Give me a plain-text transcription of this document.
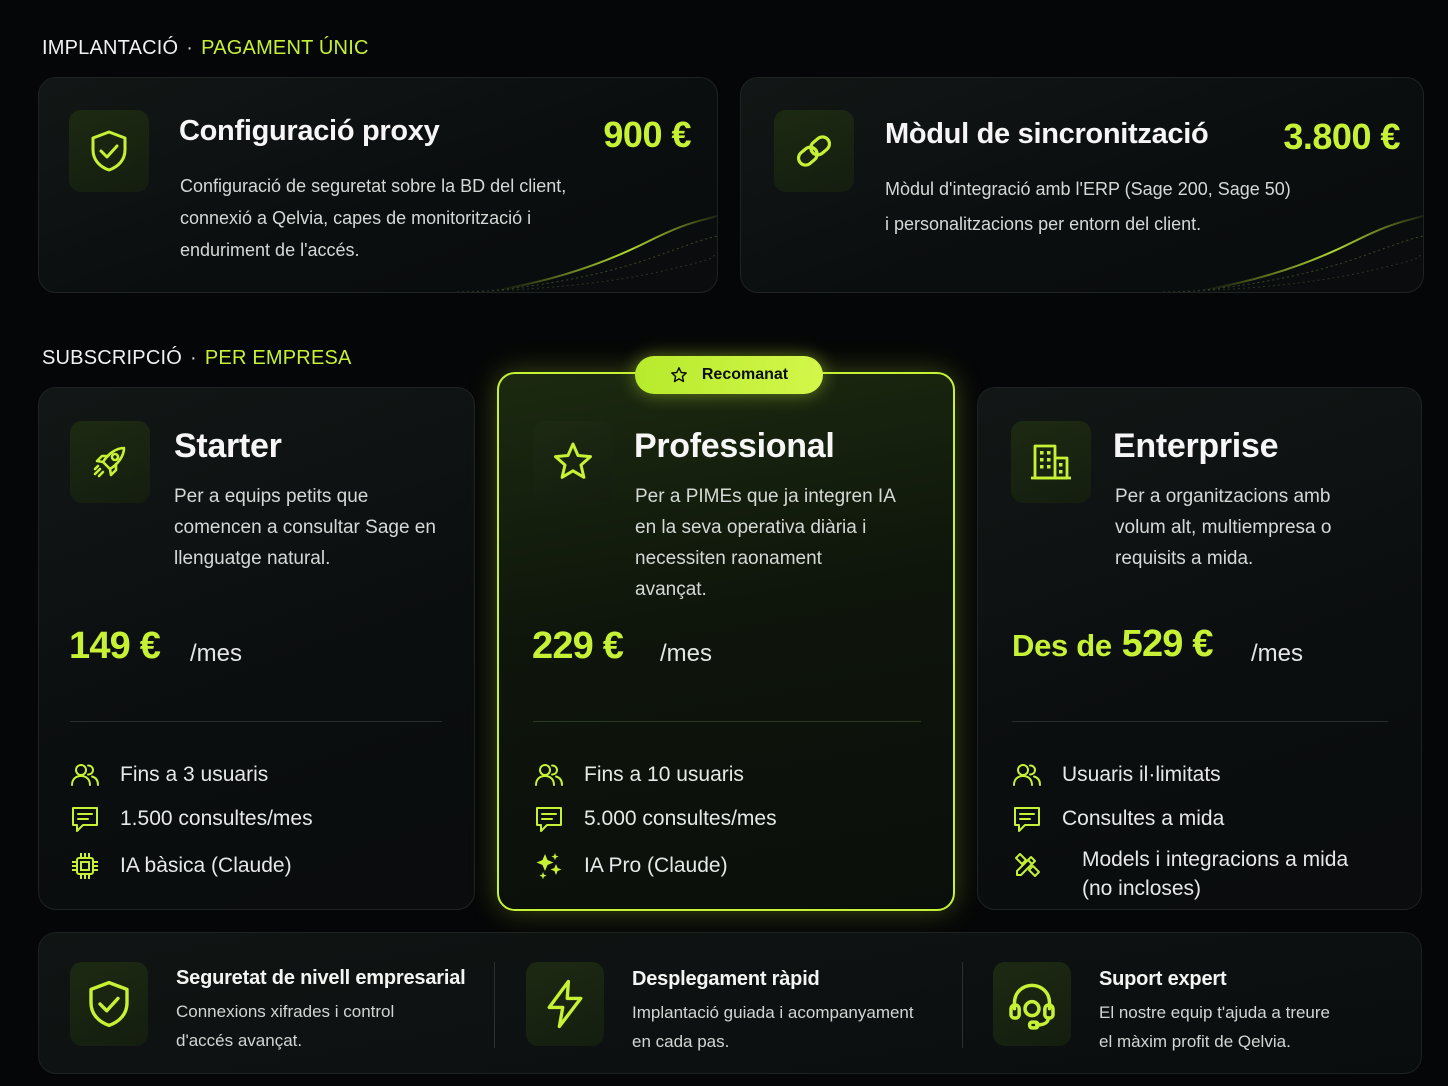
IMPLANTACIÓ · PAGAMENT ÚNIC
Configuració proxy	900 €
Configuració de seguretat sobre la BD del client,
connexió a Qelvia, capes de monitorització i
enduriment de l'accés.
Mòdul de sincronització 3.800 €
Mòdul d'integració amb l'ERP (Sage 200, Sage 50)
i personalitzacions per entorn del client.
SUBSCRIPCIÓ · PER EMPRESA
Starter
Per a equips petits que
comencen a consultar Sage en
llenguatge natural.
149 € /mes
Fins a 3 usuaris
1.500 consultes/mes
IA bàsica (Claude)
Recomanat
Professional
Per a PIMEs que ja integren IA
en la seva operativa diària i
necessiten raonament
avançat.
229 € /mes
Fins a 10 usuaris
5.000 consultes/mes
IA Pro (Claude)
Enterprise
Per a organitzacions amb
volum alt, multiempresa o
requisits a mida.
Des de 529 € /mes
Usuaris il·limitats
Consultes a mida
Models i integracions a mida
(no incloses)
Seguretat de nivell empresarial
Connexions xifrades i control
d'accés avançat.
Desplegament ràpid
Implantació guiada i acompanyament
en cada pas.
Suport expert
El nostre equip t'ajuda a treure
el màxim profit de Qelvia.
